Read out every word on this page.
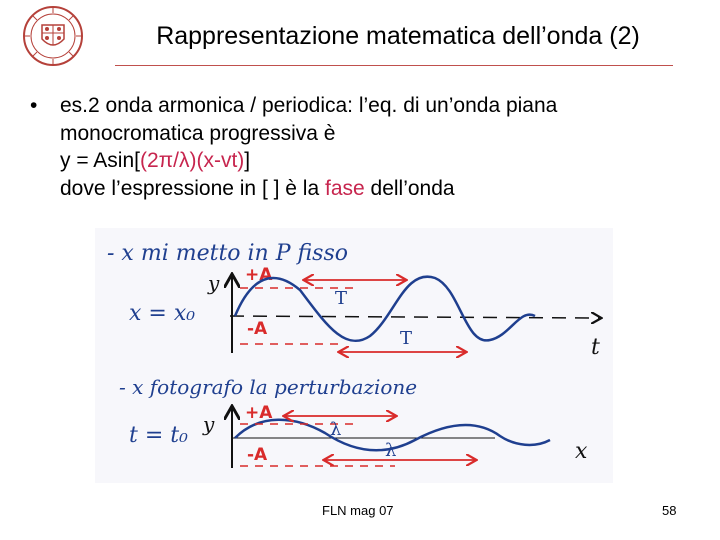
Rappresentazione matematica dell’onda (2)
•	es.2 onda armonica / periodica: l’eq. di un’onda piana
monocromatica progressiva è
y = Asin[(2π/λ)(x-vt)]
dove l’espressione in [ ] è la fase dell’onda
- x mi metto in P fisso
y +A
-A
x = x₀
T
T	t
- x fotografo la perturbazione
y +A
-A
t = t₀	λ
λ	x
FLN mag 07	58
